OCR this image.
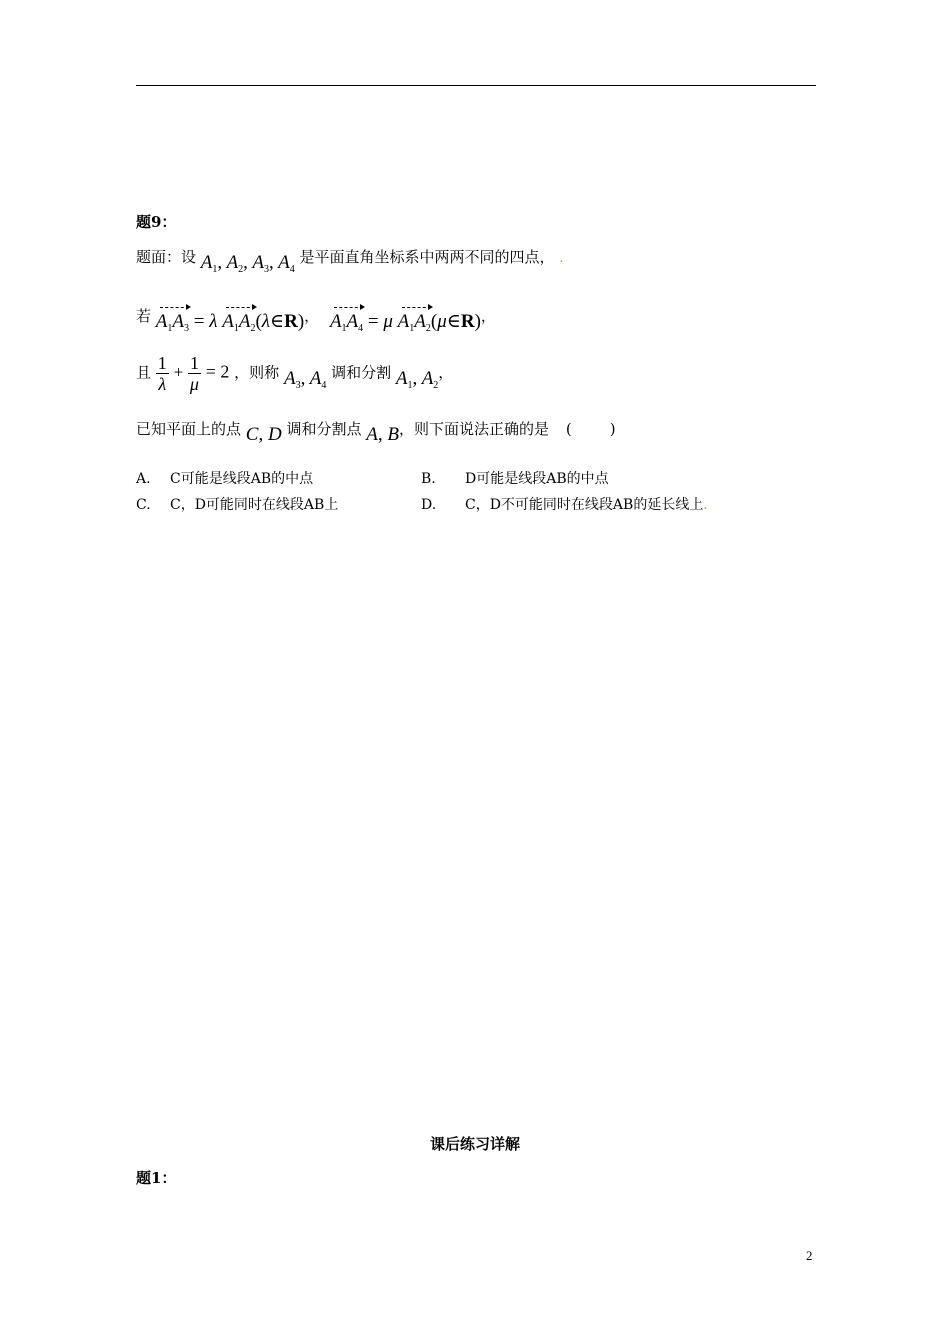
题9：
题面：设 $A_1$, $A_2$, $A_3$, $A_4$ 是平面直角坐标系中两两不同的四点， .
若 $A_1A_3 = \lambda$ $A_1A_2(\lambda\in R)$， $A_1A_4 = \mu$ $A_1A_2(\mu\in R)$，
且 $\frac{1}{\lambda} + \frac{1}{\mu} = 2$ ，则称 $A_3$, $A_4$ 调和分割 $A_1$, $A_2$，
已知平面上的点 C, D 调和分割点 A, B，则下面说法正确的是 (        )
A. C可能是线段AB的中点	B. D可能是线段AB的中点
C. C，D可能同时在线段AB上	D. C，D不可能同时在线段AB的延长线上.
课后练习详解
题1：
2
